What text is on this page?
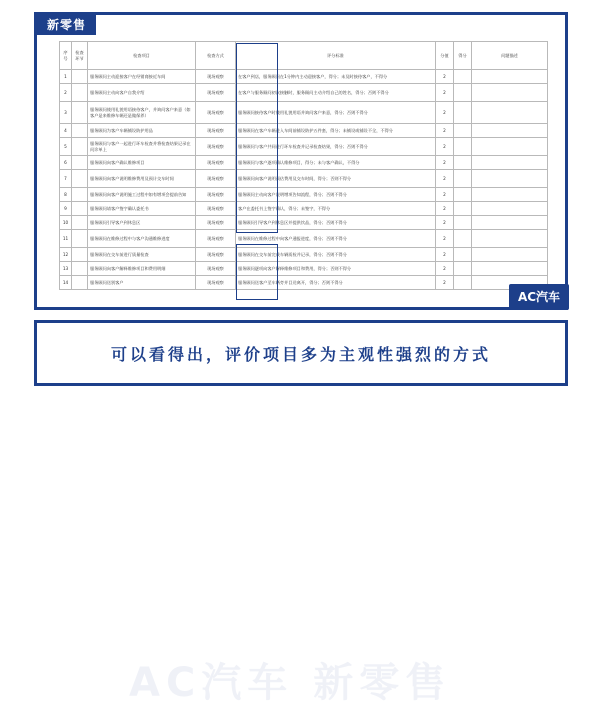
新零售
序号	检查环节	检查项目	检查方式	评分标准	分值	得分	问题描述
1		服务顾问主动迎接客户在经销商接近车间	现场观察	在客户到店，服务顾问在1分钟内主动迎接客户，得分；未及时接待客户，不得分	2		
2		服务顾问主动向客户自我介绍	现场观察	在客户与服务顾问初次接触时，服务顾问主动介绍自己的姓名，得分；否则不得分	2		
3		服务顾问使用礼貌用语接待客户，并询问客户来意（如客户是来维修车辆还是做保养）	现场观察	服务顾问接待客户时使用礼貌用语并询问客户来意，得分；否则不得分	2		
4		服务顾问为客户车辆铺设防护用品	现场观察	服务顾问在客户车辆进入车间前铺设防护五件套，得分；未铺设或铺设不全，不得分	2		
5		服务顾问与客户一起进行环车检查并将检查结果记录在问诊单上	现场观察	服务顾问与客户共同进行环车检查并记录检查结果，得分；否则不得分	2		
6		服务顾问向客户确认维修项目	现场观察	服务顾问与客户逐项确认维修项目，得分；未与客户确认，不得分	2		
7		服务顾问向客户说明维修费用及预计交车时间	现场观察	服务顾问向客户说明预估费用及交车时间，得分；否则不得分	2		
8		服务顾问向客户说明施工过程中如有增项会提前告知	现场观察	服务顾问主动向客户说明增项告知流程，得分；否则不得分	2		
9		服务顾问请客户签字确认委托书	现场观察	客户在委托书上签字确认，得分；未签字，不得分	2		
10		服务顾问引导客户到休息区	现场观察	服务顾问引导客户到休息区并提供饮品，得分；否则不得分	2		
11		服务顾问在维修过程中与客户沟通维修进度	现场观察	服务顾问在维修过程中向客户通报进度，得分；否则不得分	2		
12		服务顾问在交车前进行质量检查	现场观察	服务顾问在交车前完成车辆质检并记录，得分；否则不得分	2		
13		服务顾问向客户解释维修项目和费用明细	现场观察	服务顾问逐项向客户解释维修项目和费用，得分；否则不得分	2		
14		服务顾问送别客户	现场观察	服务顾问送客户至车辆旁并目送离开，得分；否则不得分	2		
AC汽车
AC汽车 新零售
可以看得出，评价项目多为主观性强烈的方式
